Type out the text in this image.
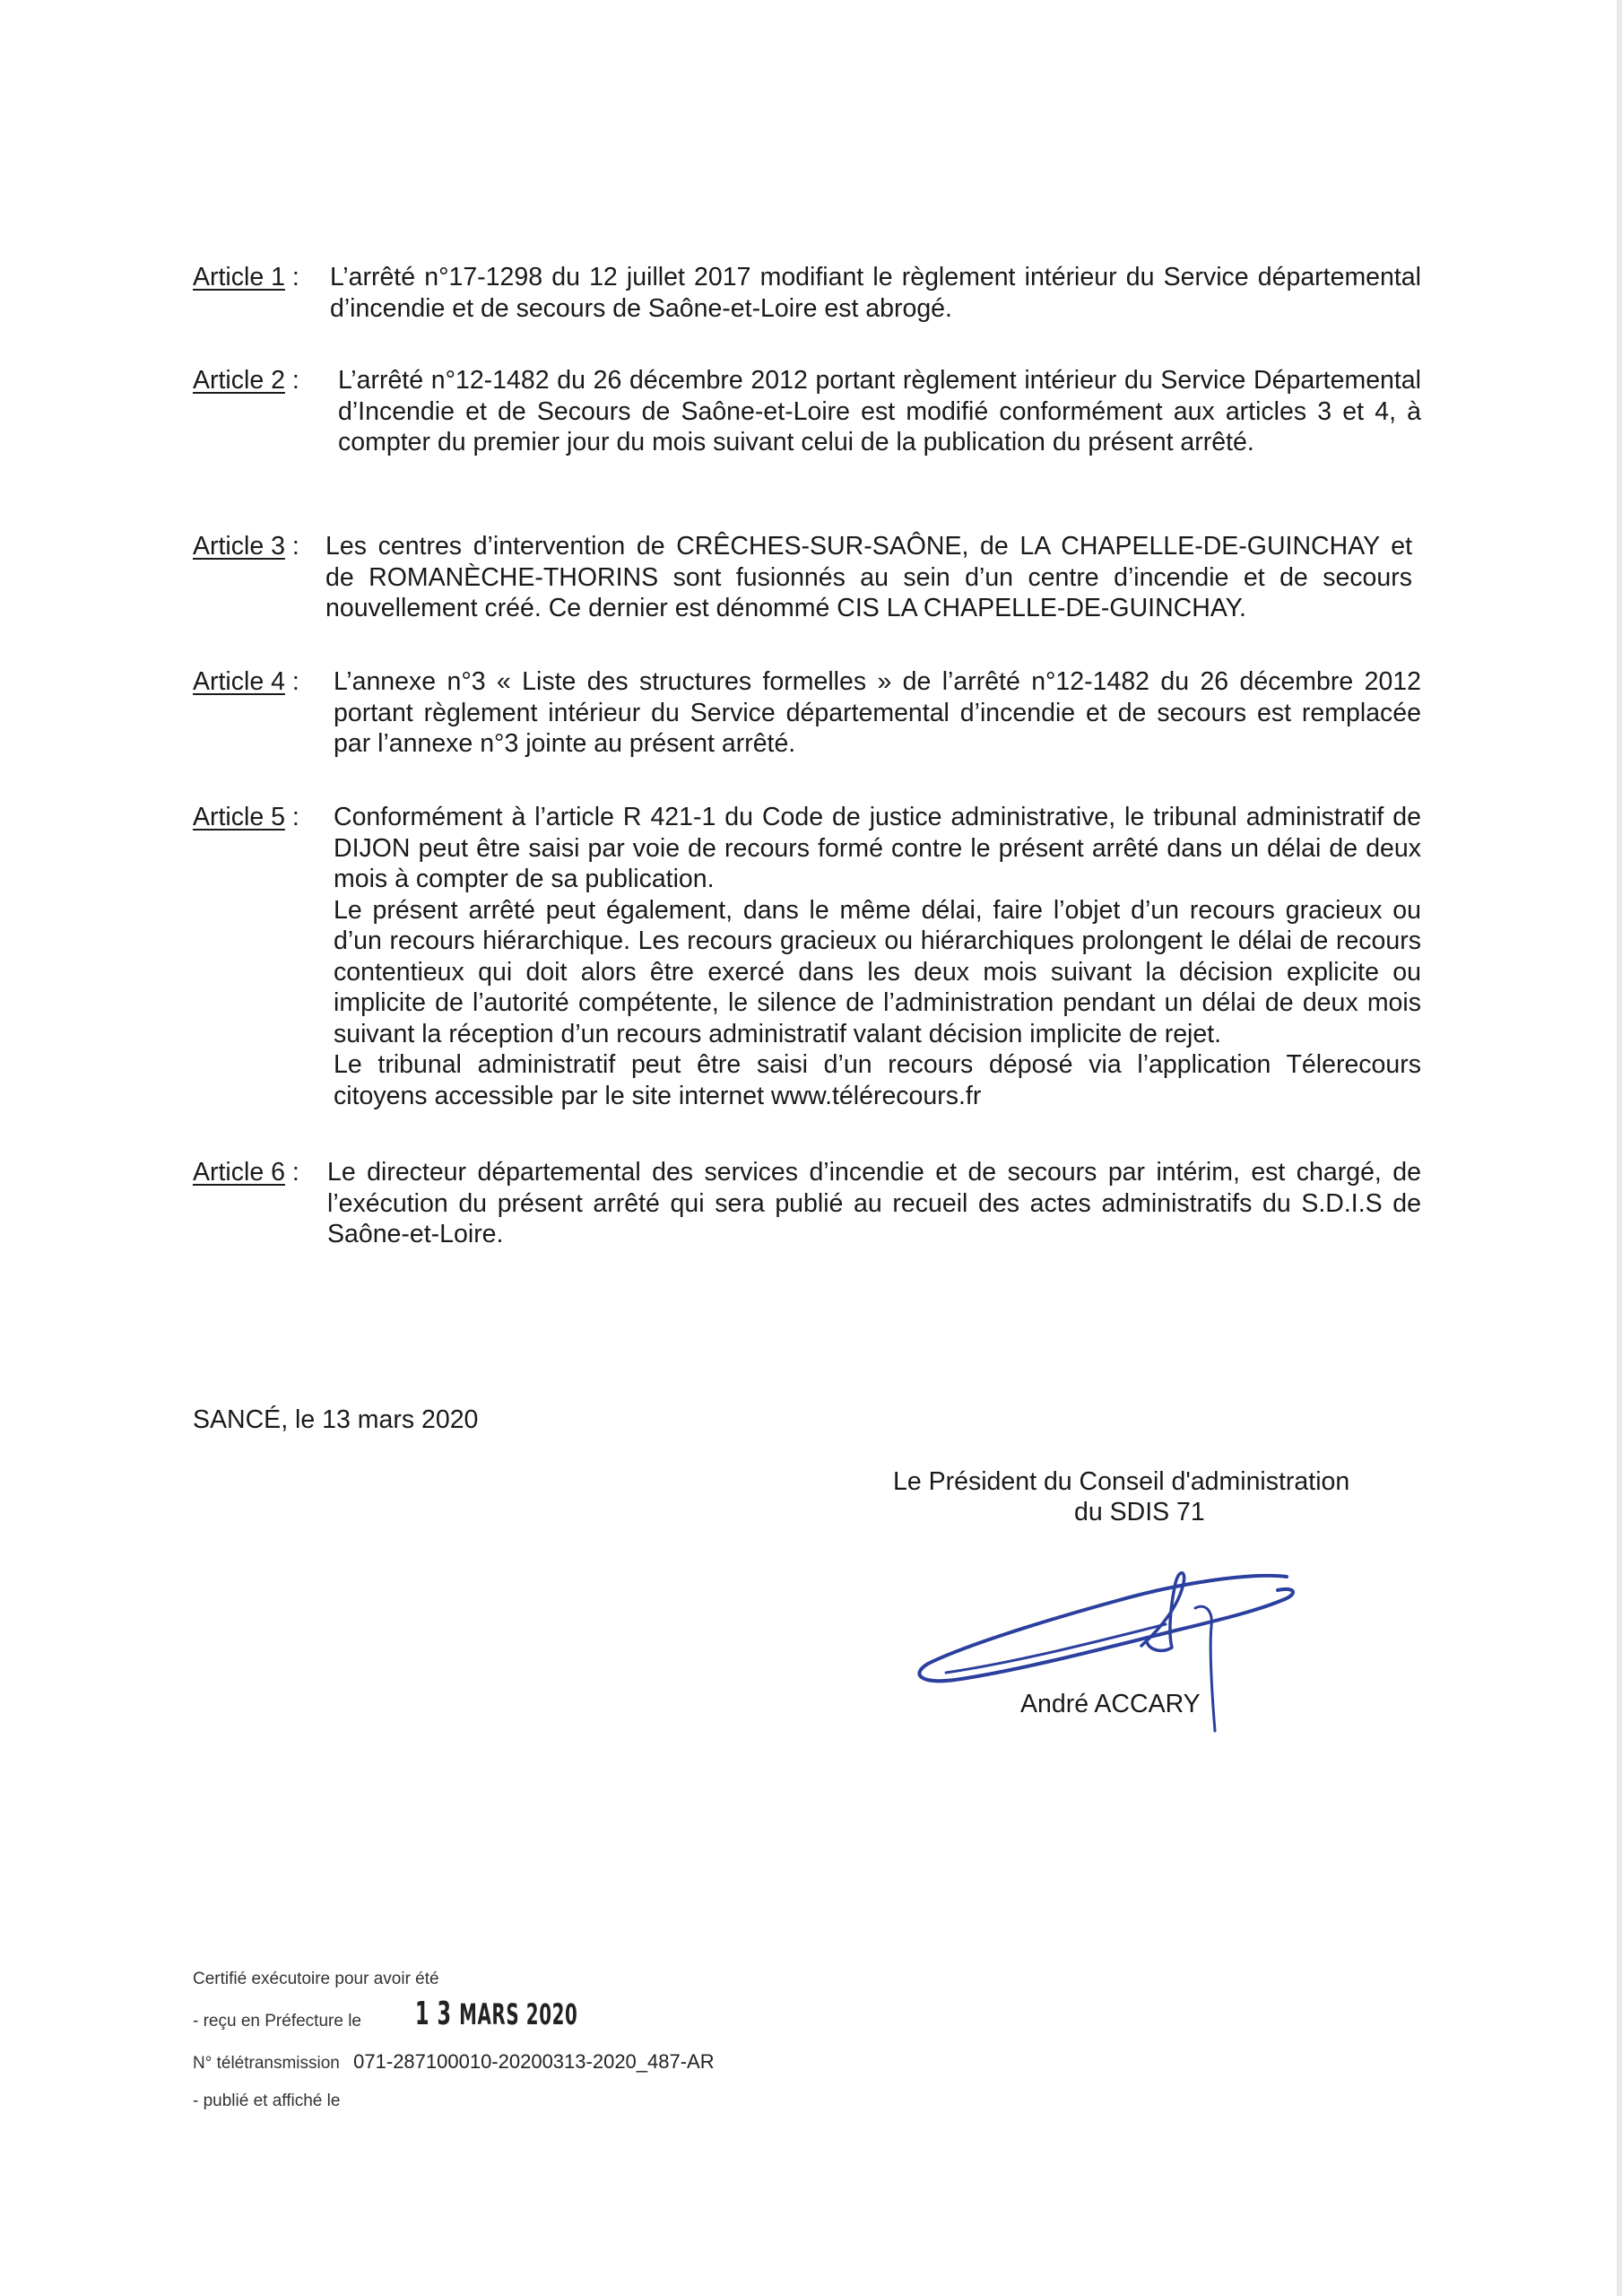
Article 1 : L’arrêté n°17-1298 du 12 juillet 2017 modifiant le règlement intérieur du Service départemental d’incendie et de secours de Saône-et-Loire est abrogé.

Article 2 : L’arrêté n°12-1482 du 26 décembre 2012 portant règlement intérieur du Service Départemental d’Incendie et de Secours de Saône-et-Loire est modifié conformément aux articles 3 et 4, à compter du premier jour du mois suivant celui de la publication du présent arrêté.

Article 3 : Les centres d’intervention de CRÊCHES-SUR-SAÔNE, de LA CHAPELLE-DE-GUINCHAY et de ROMANÈCHE-THORINS sont fusionnés au sein d’un centre d’incendie et de secours nouvellement créé. Ce dernier est dénommé CIS LA CHAPELLE-DE-GUINCHAY.

Article 4 : L’annexe n°3 « Liste des structures formelles » de l’arrêté n°12-1482 du 26 décembre 2012 portant règlement intérieur du Service départemental d’incendie et de secours est remplacée par l’annexe n°3 jointe au présent arrêté.

Article 5 : Conformément à l’article R 421-1 du Code de justice administrative, le tribunal administratif de DIJON peut être saisi par voie de recours formé contre le présent arrêté dans un délai de deux mois à compter de sa publication.

Le présent arrêté peut également, dans le même délai, faire l’objet d’un recours gracieux ou d’un recours hiérarchique. Les recours gracieux ou hiérarchiques prolongent le délai de recours contentieux qui doit alors être exercé dans les deux mois suivant la décision explicite ou implicite de l’autorité compétente, le silence de l’administration pendant un délai de deux mois suivant la réception d’un recours administratif valant décision implicite de rejet.

Le tribunal administratif peut être saisi d’un recours déposé via l’application Télerecours citoyens accessible par le site internet www.télérecours.fr

Article 6 : Le directeur départemental des services d’incendie et de secours par intérim, est chargé, de l’exécution du présent arrêté qui sera publié au recueil des actes administratifs du S.D.I.S de Saône-et-Loire.

SANCÉ, le 13 mars 2020
Le Président du Conseil d'administration
du SDIS 71
André ACCARY
Certifié exécutoire pour avoir été
- reçu en Préfecture le 1 3 MARS 2020
N° télétransmission 071-287100010-20200313-2020_487-AR
- publié et affiché le
